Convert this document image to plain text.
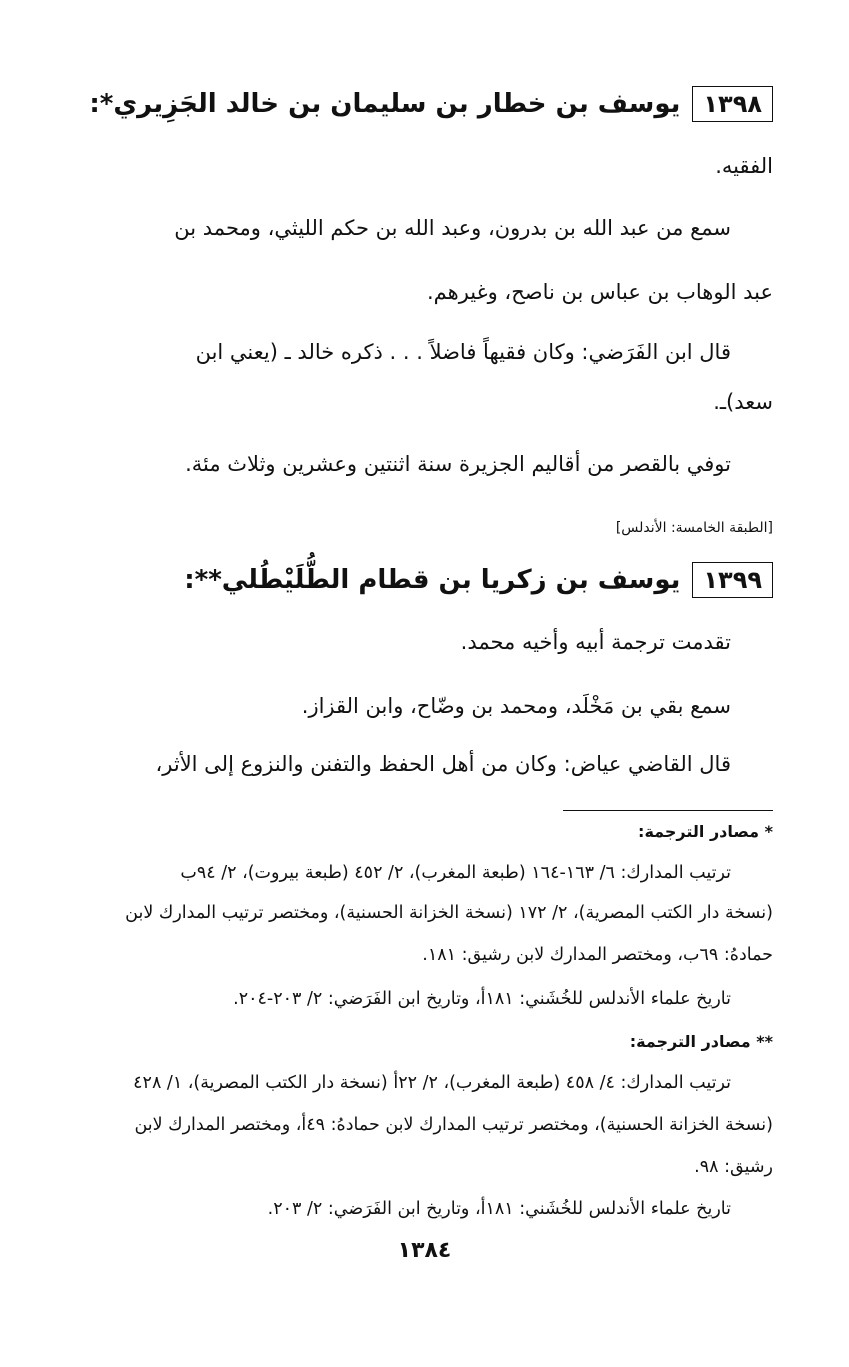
١٣٩٨
يوسف بن خطار بن سليمان بن خالد الجَزِيري*:
الفقيه.
سمع من عبد الله بن بدرون، وعبد الله بن حكم الليثي، ومحمد بن
عبد الوهاب بن عباس بن ناصح، وغيرهم.
قال ابن الفَرَضي: وكان فقيهاً فاضلاً . . . ذكره خالد ـ (يعني ابن
سعد)ـ.
توفي بالقصر من أقاليم الجزيرة سنة اثنتين وعشرين وثلاث مئة.
[الطبقة الخامسة: الأندلس]
١٣٩٩
يوسف بن زكريا بن قطام الطُّلَيْطُلي**:
تقدمت ترجمة أبيه وأخيه محمد.
سمع بقي بن مَخْلَد، ومحمد بن وضّاح، وابن القزاز.
قال القاضي عياض: وكان من أهل الحفظ والتفنن والنزوع إلى الأثر،
* مصادر الترجمة:
ترتيب المدارك: ٦/ ١٦٣-١٦٤ (طبعة المغرب)، ٢/ ٤٥٢ (طبعة بيروت)، ٢/ ٩٤ب
(نسخة دار الكتب المصرية)، ٢/ ١٧٢ (نسخة الخزانة الحسنية)، ومختصر ترتيب المدارك لابن
حمادهُ: ٦٩ب، ومختصر المدارك لابن رشيق: ١٨١.
تاريخ علماء الأندلس للخُشَني: ١٨١أ، وتاريخ ابن الفَرَضي: ٢/ ٢٠٣-٢٠٤.
** مصادر الترجمة:
ترتيب المدارك: ٤/ ٤٥٨ (طبعة المغرب)، ٢/ ٢٢أ (نسخة دار الكتب المصرية)، ١/ ٤٢٨
(نسخة الخزانة الحسنية)، ومختصر ترتيب المدارك لابن حمادهُ: ٤٩أ، ومختصر المدارك لابن
رشيق: ٩٨.
تاريخ علماء الأندلس للخُشَني: ١٨١أ، وتاريخ ابن الفَرَضي: ٢/ ٢٠٣.
١٣٨٤
